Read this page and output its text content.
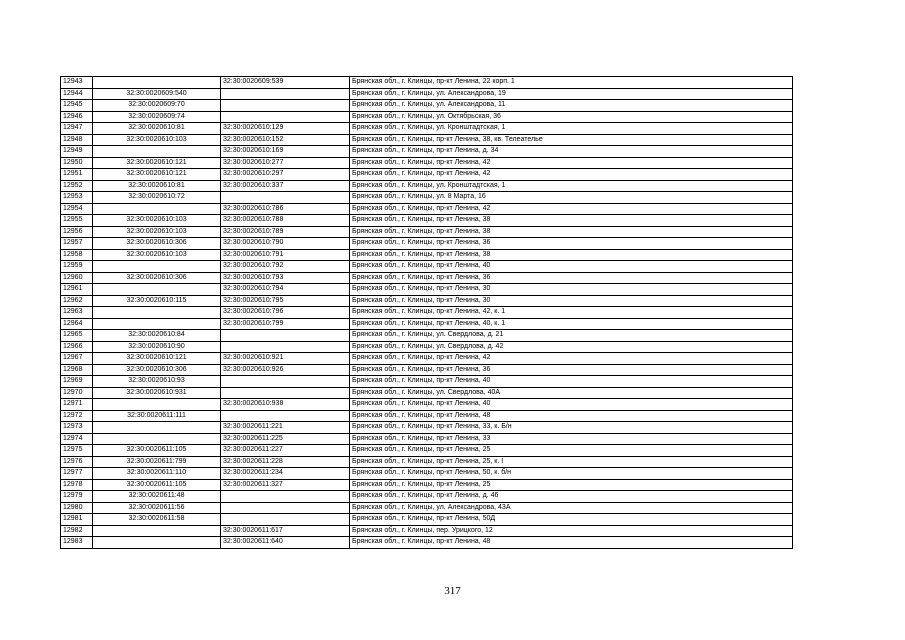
12943		32:30:0020609:539	Брянская обл., г. Клинцы, пр-кт Ленина, 22 корп. 1
12944	32:30:0020609:540		Брянская обл., г. Клинцы, ул. Александрова, 19
12945	32:30:0020609:70		Брянская обл., г. Клинцы, ул. Александрова, 11
12946	32:30:0020609:74		Брянская обл., г. Клинцы, ул. Октябрьская, 36
12947	32:30:0020610:81	32:30:0020610:129	Брянская обл., г. Клинцы, ул. Кронштадтская, 1
12948	32:30:0020610:103	32:30:0020610:152	Брянская обл., г. Клинцы, пр-кт Ленина, 38, кв. Телеателье
12949		32:30:0020610:169	Брянская обл., г. Клинцы, пр-кт Ленина, д. 34
12950	32:30:0020610:121	32:30:0020610:277	Брянская обл., г. Клинцы, пр-кт Ленина, 42
12951	32:30:0020610:121	32:30:0020610:297	Брянская обл., г. Клинцы, пр-кт Ленина, 42
12952	32:30:0020610:81	32:30:0020610:337	Брянская обл., г. Клинцы, ул. Кронштадтская, 1
12953	32:30:0020610:72		Брянская обл., г. Клинцы, ул. 8 Марта, 16
12954		32:30:0020610:786	Брянская обл., г. Клинцы, пр-кт Ленина, 42
12955	32:30:0020610:103	32:30:0020610:788	Брянская обл., г. Клинцы, пр-кт Ленина, 38
12956	32:30:0020610:103	32:30:0020610:789	Брянская обл., г. Клинцы, пр-кт Ленина, 38
12957	32:30:0020610:306	32:30:0020610:790	Брянская обл., г. Клинцы, пр-кт Ленина, 36
12958	32:30:0020610:103	32:30:0020610:791	Брянская обл., г. Клинцы, пр-кт Ленина, 38
12959		32:30:0020610:792	Брянская обл., г. Клинцы, пр-кт Ленина, 40
12960	32:30:0020610:306	32:30:0020610:793	Брянская обл., г. Клинцы, пр-кт Ленина, 36
12961		32:30:0020610:794	Брянская обл., г. Клинцы, пр-кт Ленина, 30
12962	32:30:0020610:115	32:30:0020610:795	Брянская обл., г. Клинцы, пр-кт Ленина, 30
12963		32:30:0020610:796	Брянская обл., г. Клинцы, пр-кт Ленина, 42, к. 1
12964		32:30:0020610:799	Брянская обл., г. Клинцы, пр-кт Ленина, 40, к. 1
12965	32:30:0020610:84		Брянская обл., г. Клинцы, ул. Свердлова, д. 21
12966	32:30:0020610:90		Брянская обл., г. Клинцы, ул. Свердлова, д. 42
12967	32:30:0020610:121	32:30:0020610:921	Брянская обл., г. Клинцы, пр-кт Ленина, 42
12968	32:30:0020610:306	32:30:0020610:926	Брянская обл., г. Клинцы, пр-кт Ленина, 36
12969	32:30:0020610:93		Брянская обл., г. Клинцы, пр-кт Ленина, 40
12970	32:30:0020610:931		Брянская обл., г. Клинцы, ул. Свердлова, 40А
12971		32:30:0020610:938	Брянская обл., г. Клинцы, пр-кт Ленина, 40
12972	32:30:0020611:111		Брянская обл., г. Клинцы, пр-кт Ленина, 48
12973		32:30:0020611:221	Брянская обл., г. Клинцы, пр-кт Ленина, 33, к. Б/н
12974		32:30:0020611:225	Брянская обл., г. Клинцы, пр-кт Ленина, 33
12975	32:30:0020611:105	32:30:0020611:227	Брянская обл., г. Клинцы, пр-кт Ленина, 25
12976	32:30:0020611:799	32:30:0020611:228	Брянская обл., г. Клинцы, пр-кт Ленина, 25, к. I
12977	32:30:0020611:110	32:30:0020611:234	Брянская обл., г. Клинцы, пр-кт Ленина, 50, к. б/н
12978	32:30:0020611:105	32:30:0020611:327	Брянская обл., г. Клинцы, пр-кт Ленина, 25
12979	32:30:0020611:48		Брянская обл., г. Клинцы, пр-кт Ленина, д. 46
12980	32:30:0020611:56		Брянская обл., г. Клинцы, ул. Александрова, 43А
12981	32:30:0020611:58		Брянская обл., г. Клинцы, пр-кт Ленина, 50Д
12982		32:30:0020611:617	Брянская обл., г. Клинцы, пер. Урицкого, 12
12983		32:30:0020611:640	Брянская обл., г. Клинцы, пр-кт Ленина, 48
317
